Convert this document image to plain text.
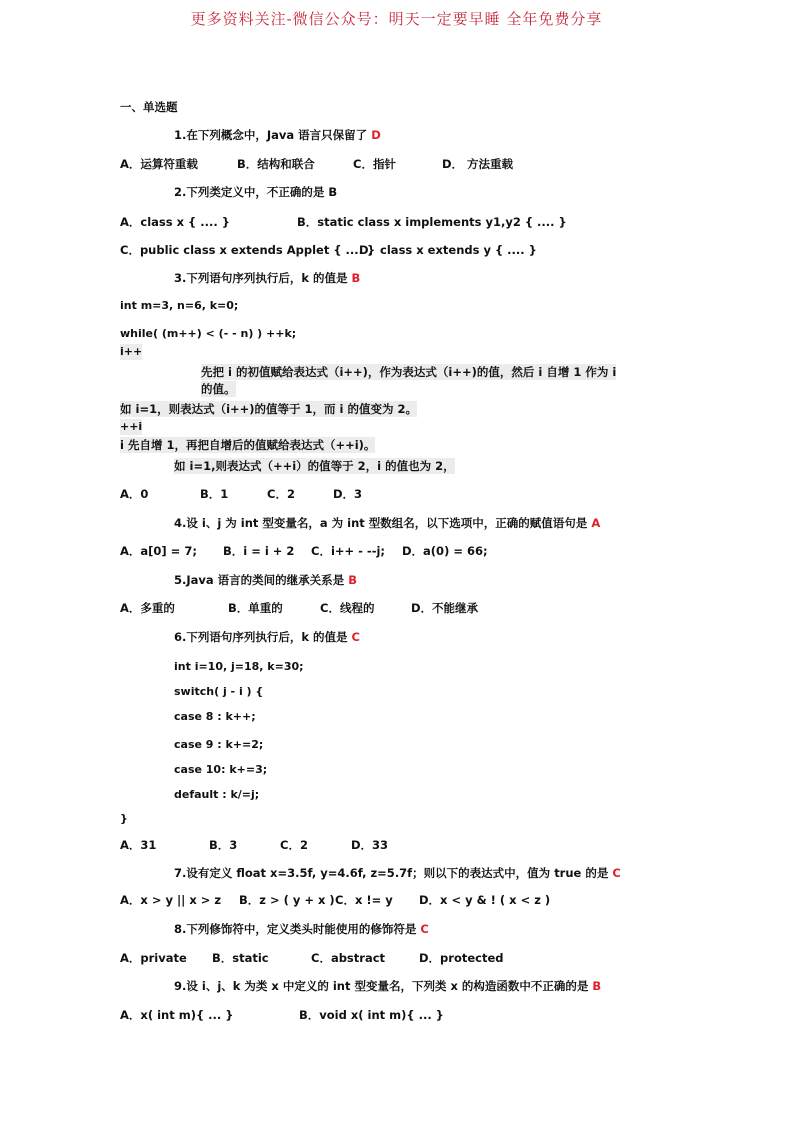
更多资料关注-微信公众号：明天一定要早睡 全年免费分享
一、单选题
1.在下列概念中，Java 语言只保留了 D
A．运算符重载	B．结构和联合	C．指针	D． 方法重载
2.下列类定义中，不正确的是 B
A．class x { .... }	B．static class x implements y1,y2 { .... }
C．public class x extends Applet { .... }
D．class x extends y { .... }
3.下列语句序列执行后，k 的值是 B
int m=3, n=6, k=0;
while( (m++) < (- - n) ) ++k;
i++
先把 i 的初值赋给表达式（i++)，作为表达式（i++)的值，然后 i 自增 1 作为 i
的值。
如 i=1，则表达式（i++)的值等于 1，而 i 的值变为 2。
++i
i 先自增 1，再把自增后的值赋给表达式（++i)。
如 i=1,则表达式（++i）的值等于 2，i 的值也为 2，
A．0	B．1	C．2	D．3
4.设 i、j 为 int 型变量名，a 为 int 型数组名，以下选项中，正确的赋值语句是 A
A．a[0] = 7; B．i = i + 2 C．i++ - --j; D．a(0) = 66;
5.Java 语言的类间的继承关系是 B
A．多重的	B．单重的	C．线程的	D．不能继承
6.下列语句序列执行后，k 的值是 C
int i=10, j=18, k=30;
switch( j - i ) {
case 8 : k++;
case 9 : k+=2;
case 10: k+=3;
default : k/=j;
}
A．31	B．3	C．2	D．33
7.设有定义 float x=3.5f, y=4.6f, z=5.7f；则以下的表达式中，值为 true 的是 C
A．x > y || x > z B．z > ( y + x ) C．x != y D．x < y & ! ( x < z )
8.下列修饰符中，定义类头时能使用的修饰符是 C
A．private B．static	C．abstract	D．protected
9.设 i、j、k 为类 x 中定义的 int 型变量名，下列类 x 的构造函数中不正确的是 B
A．x( int m){ ... }	B．void x( int m){ ... }
